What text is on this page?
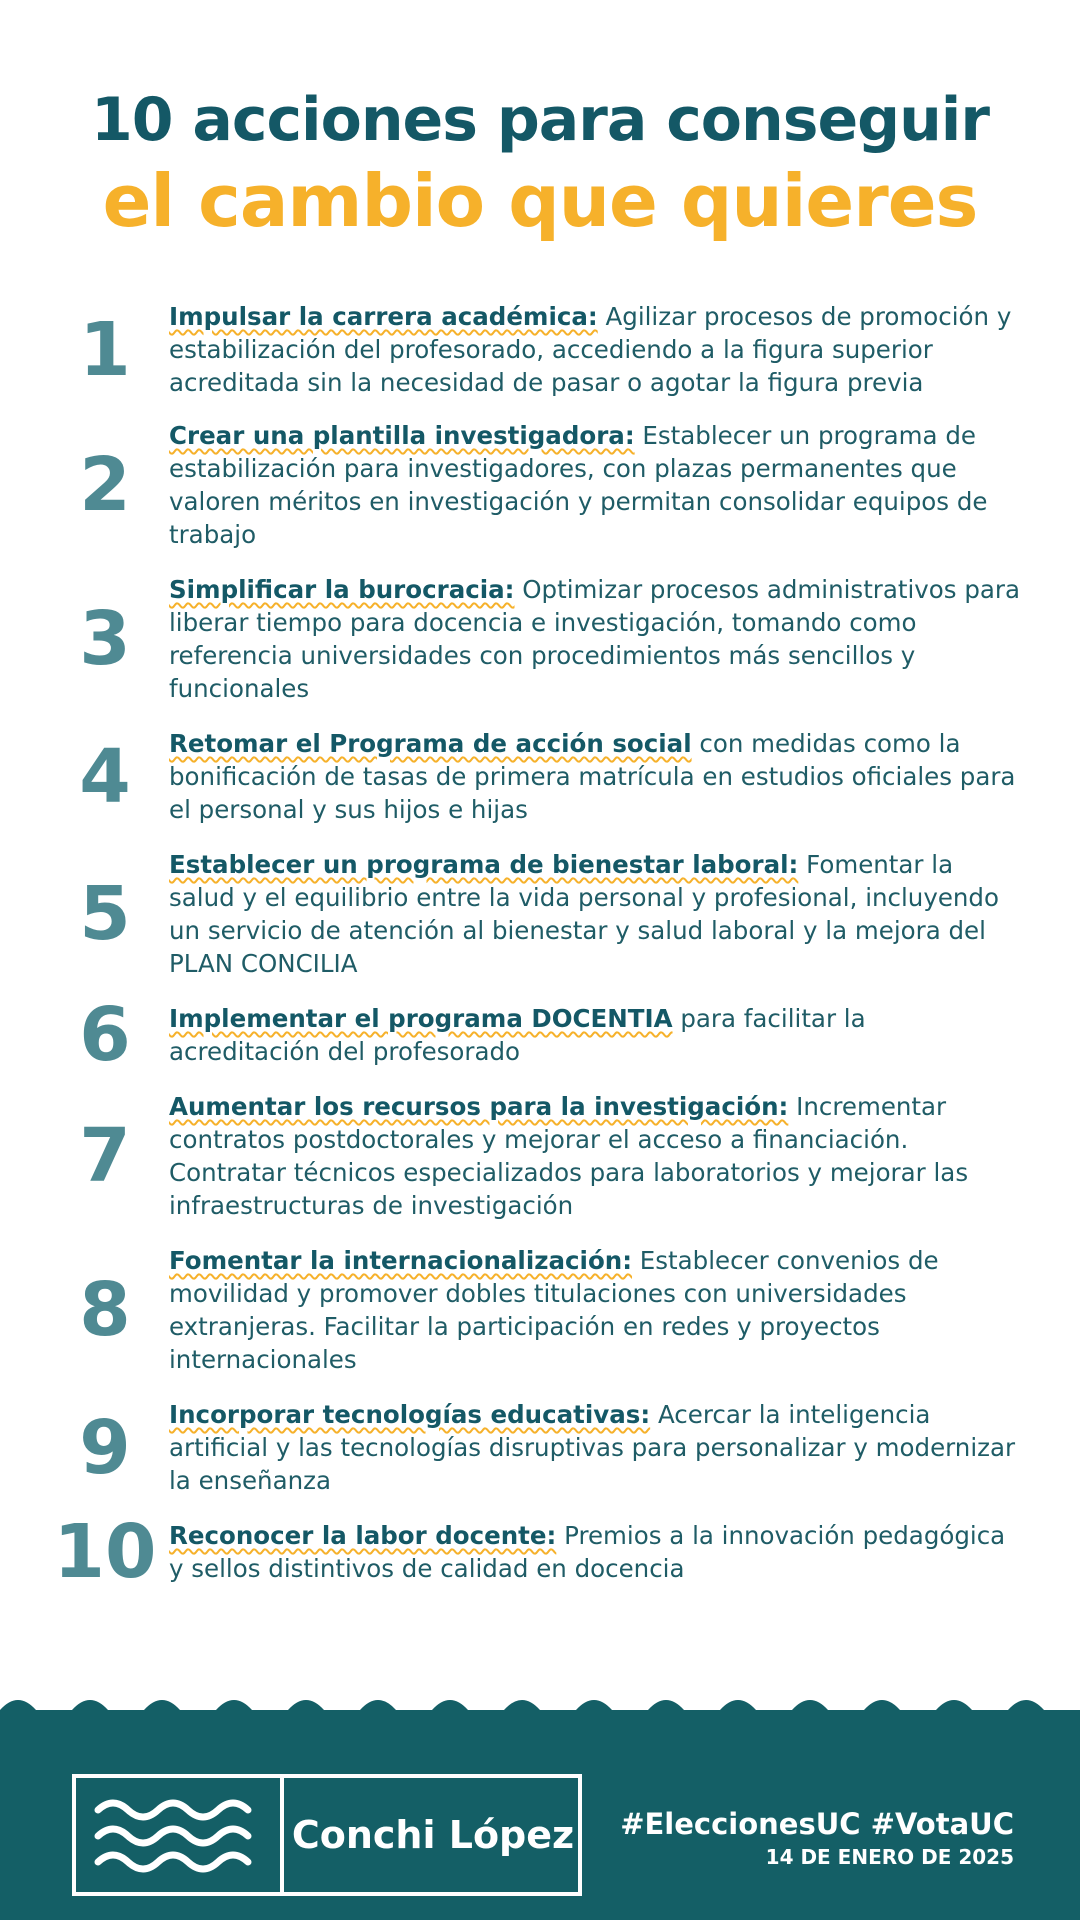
10 acciones para conseguir
el cambio que quieres
1	Impulsar la carrera académica: Agilizar procesos de promoción y estabilización del profesorado, accediendo a la figura superior acreditada sin la necesidad de pasar o agotar la figura previa
2
Crear una plantilla investigadora: Establecer un programa de estabilización para investigadores, con plazas permanentes que valoren méritos en investigación y permitan consolidar equipos de trabajo
3
Simplificar la burocracia: Optimizar procesos administrativos para liberar tiempo para docencia e investigación, tomando como referencia universidades con procedimientos más sencillos y funcionales
4	Retomar el Programa de acción social con medidas como la bonificación de tasas de primera matrícula en estudios oficiales para el personal y sus hijos e hijas
5
Establecer un programa de bienestar laboral: Fomentar la salud y el equilibrio entre la vida personal y profesional, incluyendo un servicio de atención al bienestar y salud laboral y la mejora del PLAN CONCILIA
6	Implementar el programa DOCENTIA para facilitar la acreditación del profesorado
7
Aumentar los recursos para la investigación: Incrementar contratos postdoctorales y mejorar el acceso a financiación. Contratar técnicos especializados para laboratorios y mejorar las infraestructuras de investigación
8
Fomentar la internacionalización: Establecer convenios de movilidad y promover dobles titulaciones con universidades extranjeras. Facilitar la participación en redes y proyectos internacionales
9	Incorporar tecnologías educativas: Acercar la inteligencia artificial y las tecnologías disruptivas para personalizar y modernizar la enseñanza
10 Reconocer la labor docente: Premios a la innovación pedagógica y sellos distintivos de calidad en docencia
Conchi López #EleccionesUC #VotaUC
14 DE ENERO DE 2025
